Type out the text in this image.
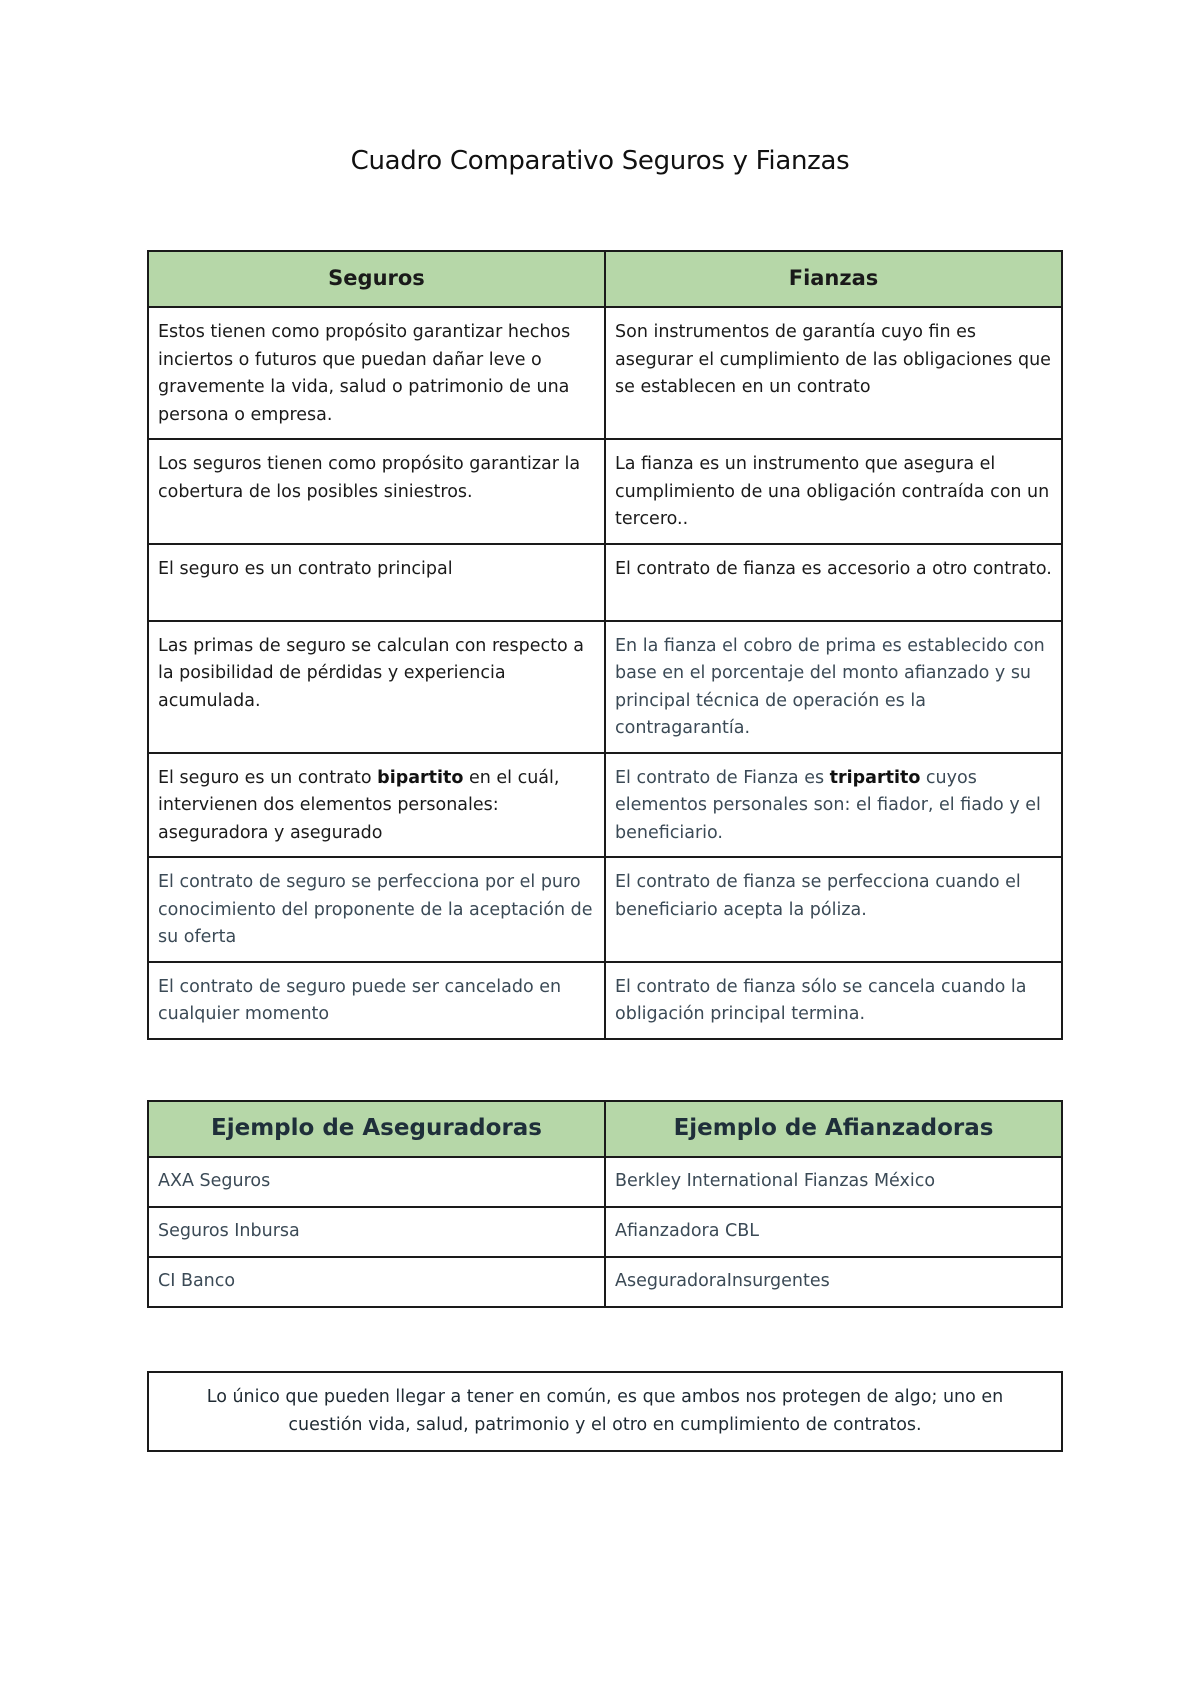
Cuadro Comparativo Seguros y Fianzas
Seguros	Fianzas
Estos tienen como propósito garantizar hechos inciertos o futuros que puedan dañar leve o gravemente la vida, salud o patrimonio de una persona o empresa.	Son instrumentos de garantía cuyo fin es asegurar el cumplimiento de las obligaciones que se establecen en un contrato
Los seguros tienen como propósito garantizar la cobertura de los posibles siniestros.	La fianza es un instrumento que asegura el cumplimiento de una obligación contraída con un tercero..
El seguro es un contrato principal	El contrato de fianza es accesorio a otro contrato.
Las primas de seguro se calculan con respecto a la posibilidad de pérdidas y experiencia acumulada.	En la fianza el cobro de prima es establecido con base en el porcentaje del monto afianzado y su principal técnica de operación es la contragarantía.
El seguro es un contrato bipartito en el cuál, intervienen dos elementos personales: aseguradora y asegurado	El contrato de Fianza es tripartito cuyos elementos personales son: el fiador, el fiado y el beneficiario.
El contrato de seguro se perfecciona por el puro conocimiento del proponente de la aceptación de su oferta	El contrato de fianza se perfecciona cuando el beneficiario acepta la póliza.
El contrato de seguro puede ser cancelado en cualquier momento	El contrato de fianza sólo se cancela cuando la obligación principal termina.
Ejemplo de Aseguradoras	Ejemplo de Afianzadoras
AXA Seguros	Berkley International Fianzas México
Seguros Inbursa	Afianzadora CBL
CI Banco	AseguradoraInsurgentes
Lo único que pueden llegar a tener en común, es que ambos nos protegen de algo; uno en cuestión vida, salud, patrimonio y el otro en cumplimiento de contratos.
